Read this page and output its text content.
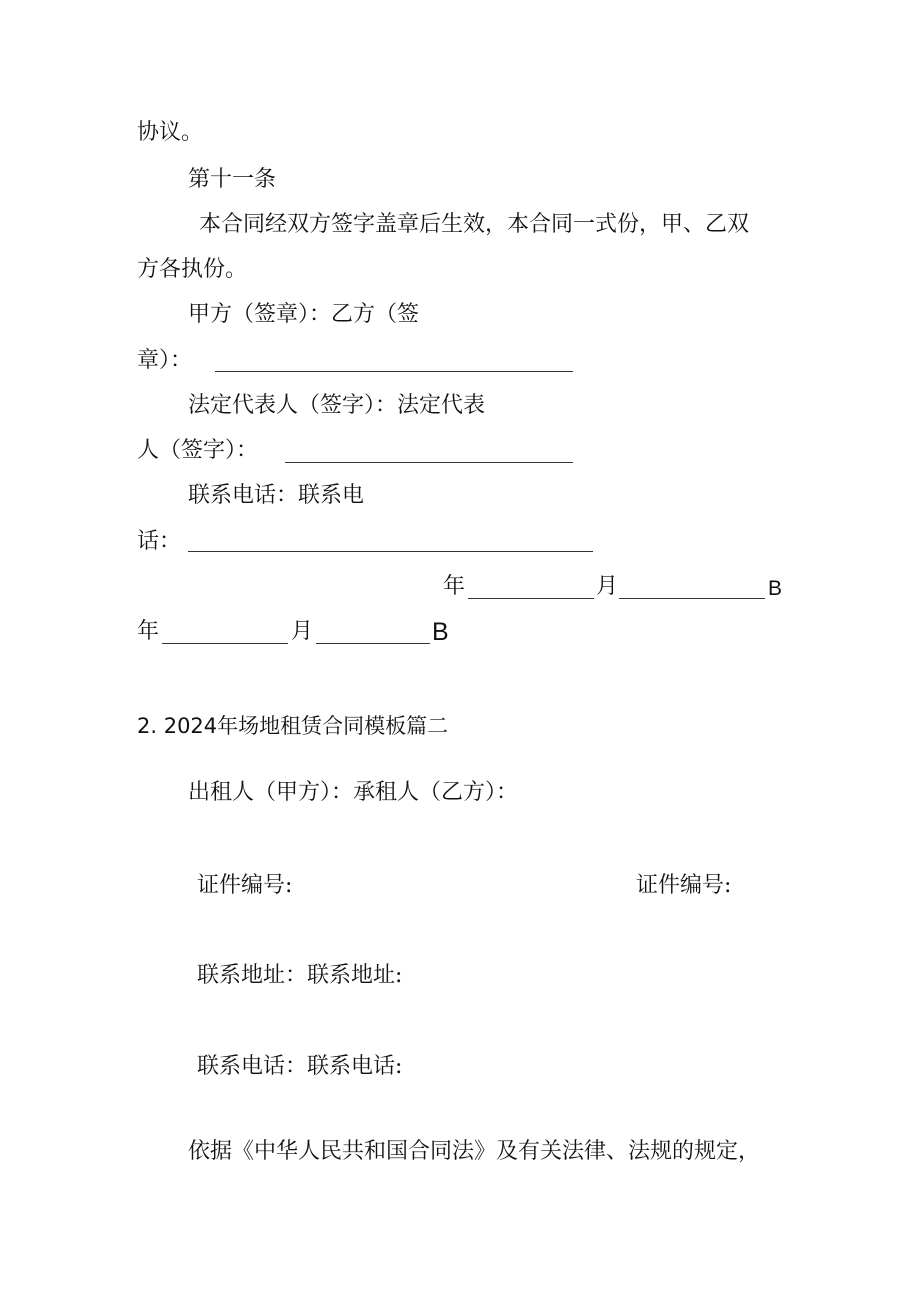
协议。
第十一条
本合同经双方签字盖章后生效，本合同一式份，甲、乙双
方各执份。
甲方（签章）：乙方（签
章）：
法定代表人（签字）：法定代表
人（签字）：
联系电话：联系电
话：
年	月	B
年	月	B
2. 2024年场地租赁合同模板篇二
出租人（甲方）：承租人（乙方）：
证件编号:	证件编号:
联系地址：联系地址:
联系电话：联系电话:
依据《中华人民共和国合同法》及有关法律、法规的规定，
